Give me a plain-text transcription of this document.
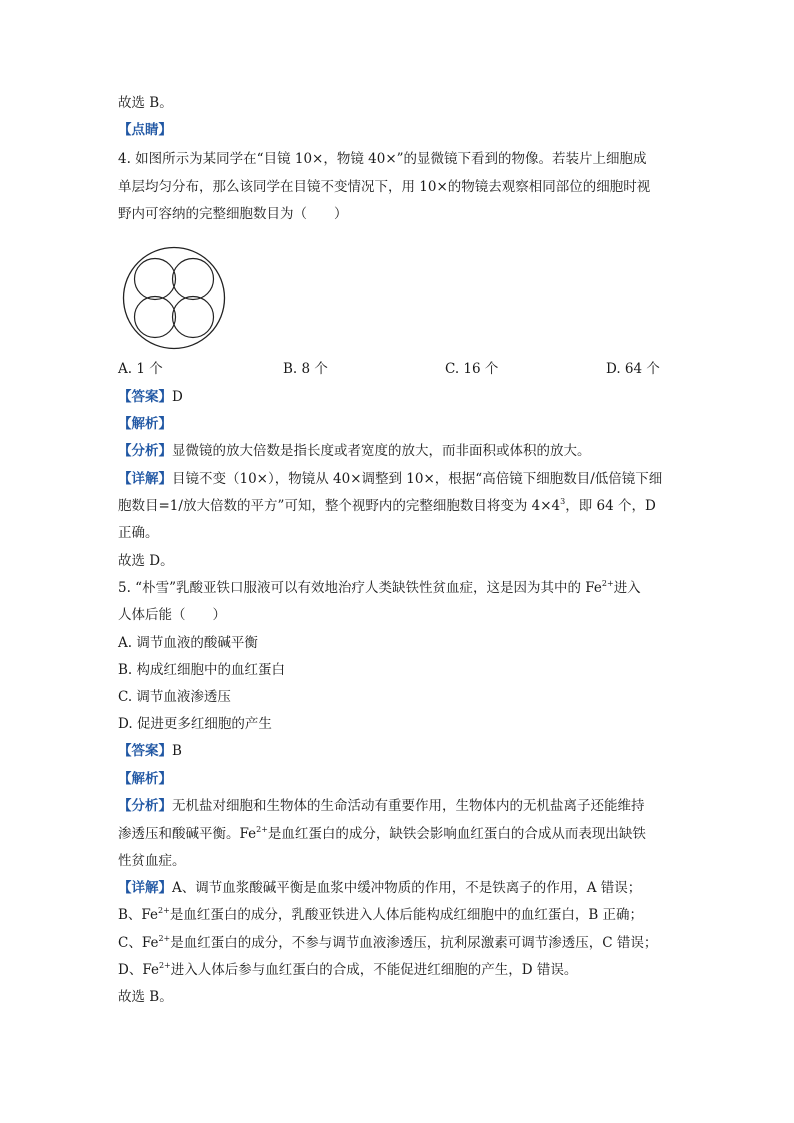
故选 B。
【点睛】
4. 如图所示为某同学在“目镜 10×，物镜 40×”的显微镜下看到的物像。若装片上细胞成
单层均匀分布，那么该同学在目镜不变情况下，用 10×的物镜去观察相同部位的细胞时视
野内可容纳的完整细胞数目为（　　）
A. 1 个	B. 8 个	C. 16 个	D. 64 个
【答案】D
【解析】
【分析】显微镜的放大倍数是指长度或者宽度的放大，而非面积或体积的放大。
【详解】目镜不变（10×），物镜从 40×调整到 10×，根据“高倍镜下细胞数目/低倍镜下细
胞数目=1/放大倍数的平方”可知，整个视野内的完整细胞数目将变为 $4\times 4^3$，即 64 个，D
正确。
故选 D。
5. “朴雪”乳酸亚铁口服液可以有效地治疗人类缺铁性贫血症，这是因为其中的 $Fe^{2+}$进入
人体后能（　　）
A. 调节血液的酸碱平衡
B. 构成红细胞中的血红蛋白
C. 调节血液渗透压
D. 促进更多红细胞的产生
【答案】B
【解析】
【分析】无机盐对细胞和生物体的生命活动有重要作用，生物体内的无机盐离子还能维持
渗透压和酸碱平衡。$Fe^{2+}$是血红蛋白的成分，缺铁会影响血红蛋白的合成从而表现出缺铁
性贫血症。
【详解】A、调节血浆酸碱平衡是血浆中缓冲物质的作用，不是铁离子的作用，A 错误；
B、$Fe^{2+}$是血红蛋白的成分，乳酸亚铁进入人体后能构成红细胞中的血红蛋白，B 正确；
C、$Fe^{2+}$是血红蛋白的成分，不参与调节血液渗透压，抗利尿激素可调节渗透压，C 错误；
D、$Fe^{2+}$进入人体后参与血红蛋白的合成，不能促进红细胞的产生，D 错误。
故选 B。
